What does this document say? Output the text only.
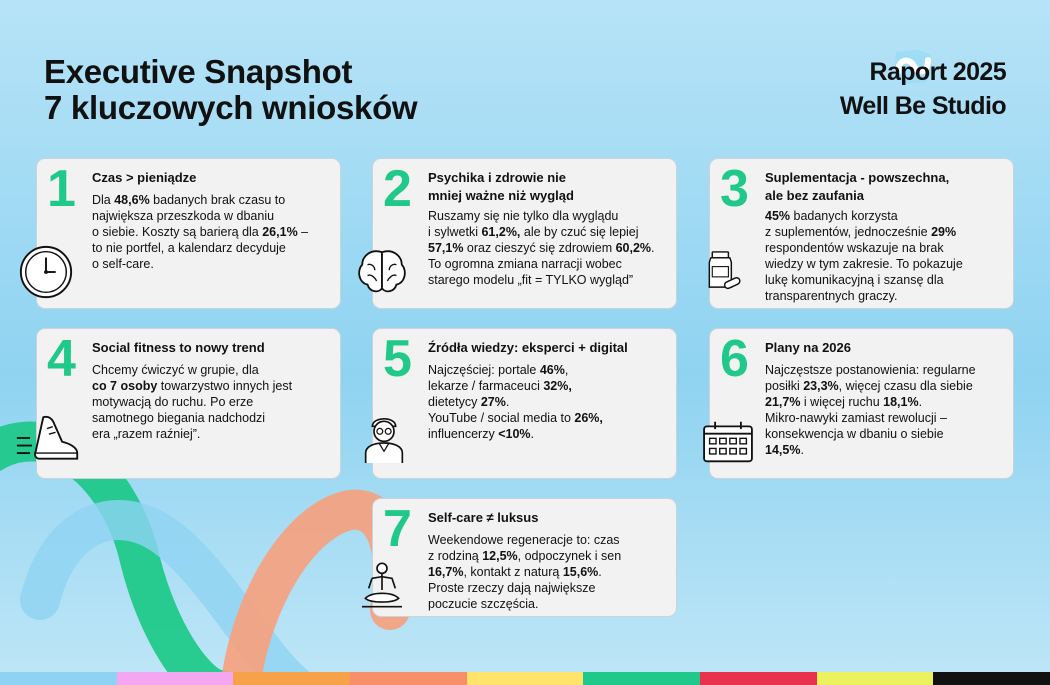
Executive Snapshot
7 kluczowych wniosków
Raport 2025
Well Be Studio
1 Czas > pieniądze

Dla 48,6% badanych brak czasu to
największa przeszkoda w dbaniu
o siebie. Koszty są barierą dla 26,1% –
to nie portfel, a kalendarz decyduje
o self-care.

2 Psychika i zdrowie nie
mniej ważne niż wygląd

Ruszamy się nie tylko dla wyglądu
i sylwetki 61,2%, ale by czuć się lepiej
57,1% oraz cieszyć się zdrowiem 60,2%.
To ogromna zmiana narracji wobec
starego modelu „fit = TYLKO wygląd”

3 Suplementacja - powszechna,
ale bez zaufania

45% badanych korzysta
z suplementów, jednocześnie 29%
respondentów wskazuje na brak
wiedzy w tym zakresie. To pokazuje
lukę komunikacyjną i szansę dla
transparentnych graczy.

4 Social fitness to nowy trend

Chcemy ćwiczyć w grupie, dla
co 7 osoby towarzystwo innych jest
motywacją do ruchu. Po erze
samotnego biegania nadchodzi
era „razem raźniej”.

5 Źródła wiedzy: eksperci + digital

Najczęściej: portale 46%,
lekarze / farmaceuci 32%,
dietetycy 27%.
YouTube / social media to 26%,
influencerzy <10%.

6 Plany na 2026

Najczęstsze postanowienia: regularne
posiłki 23,3%, więcej czasu dla siebie
21,7% i więcej ruchu 18,1%.
Mikro-nawyki zamiast rewolucji –
konsekwencja w dbaniu o siebie
14,5%.

7 Self-care ≠ luksus

Weekendowe regeneracje to: czas
z rodziną 12,5%, odpoczynek i sen
16,7%, kontakt z naturą 15,6%.
Proste rzeczy dają największe
poczucie szczęścia.
